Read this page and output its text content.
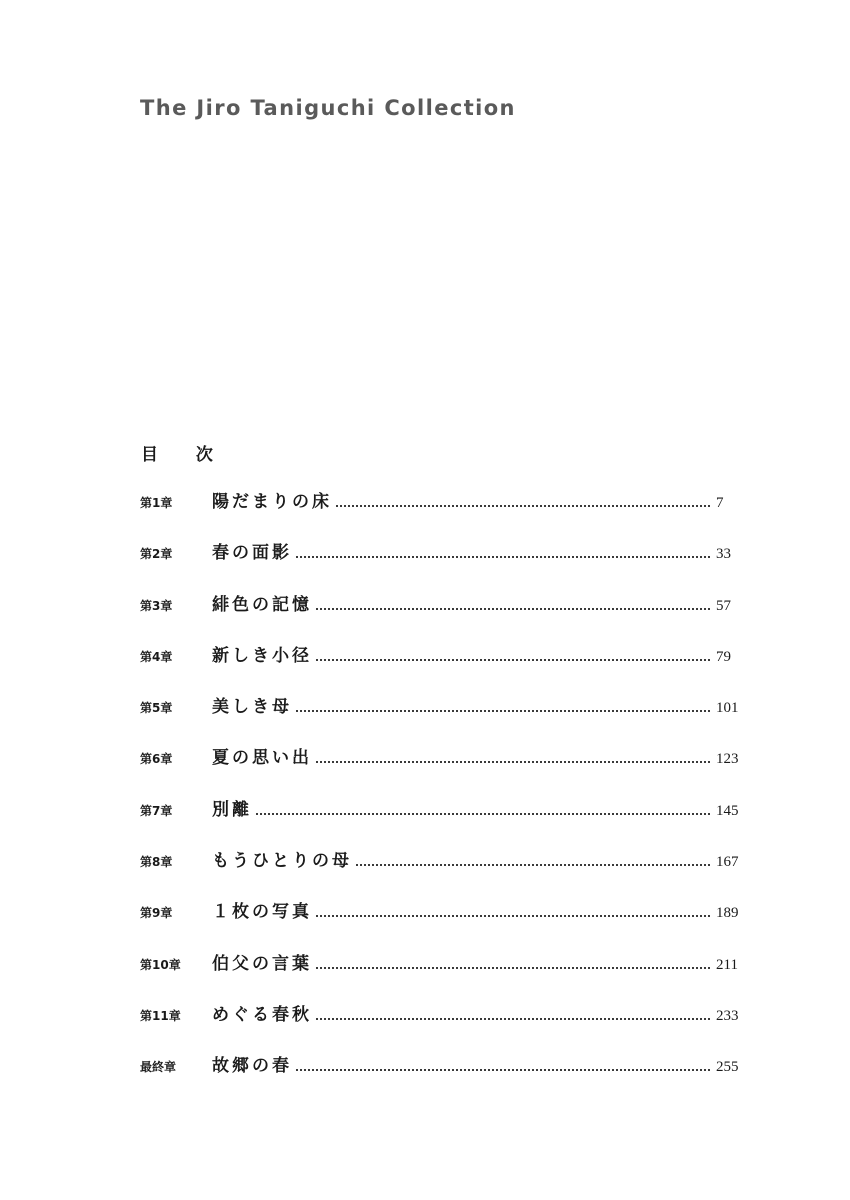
The Jiro Taniguchi Collection
目 次
第1章	陽だまりの床	7
第2章	春の面影	33
第3章	緋色の記憶	57
第4章	新しき小径	79
第5章	美しき母	101
第6章	夏の思い出	123
第7章	別離	145
第8章	もうひとりの母	167
第9章	１枚の写真	189
第10章	伯父の言葉	211
第11章	めぐる春秋	233
最終章	故郷の春	255
